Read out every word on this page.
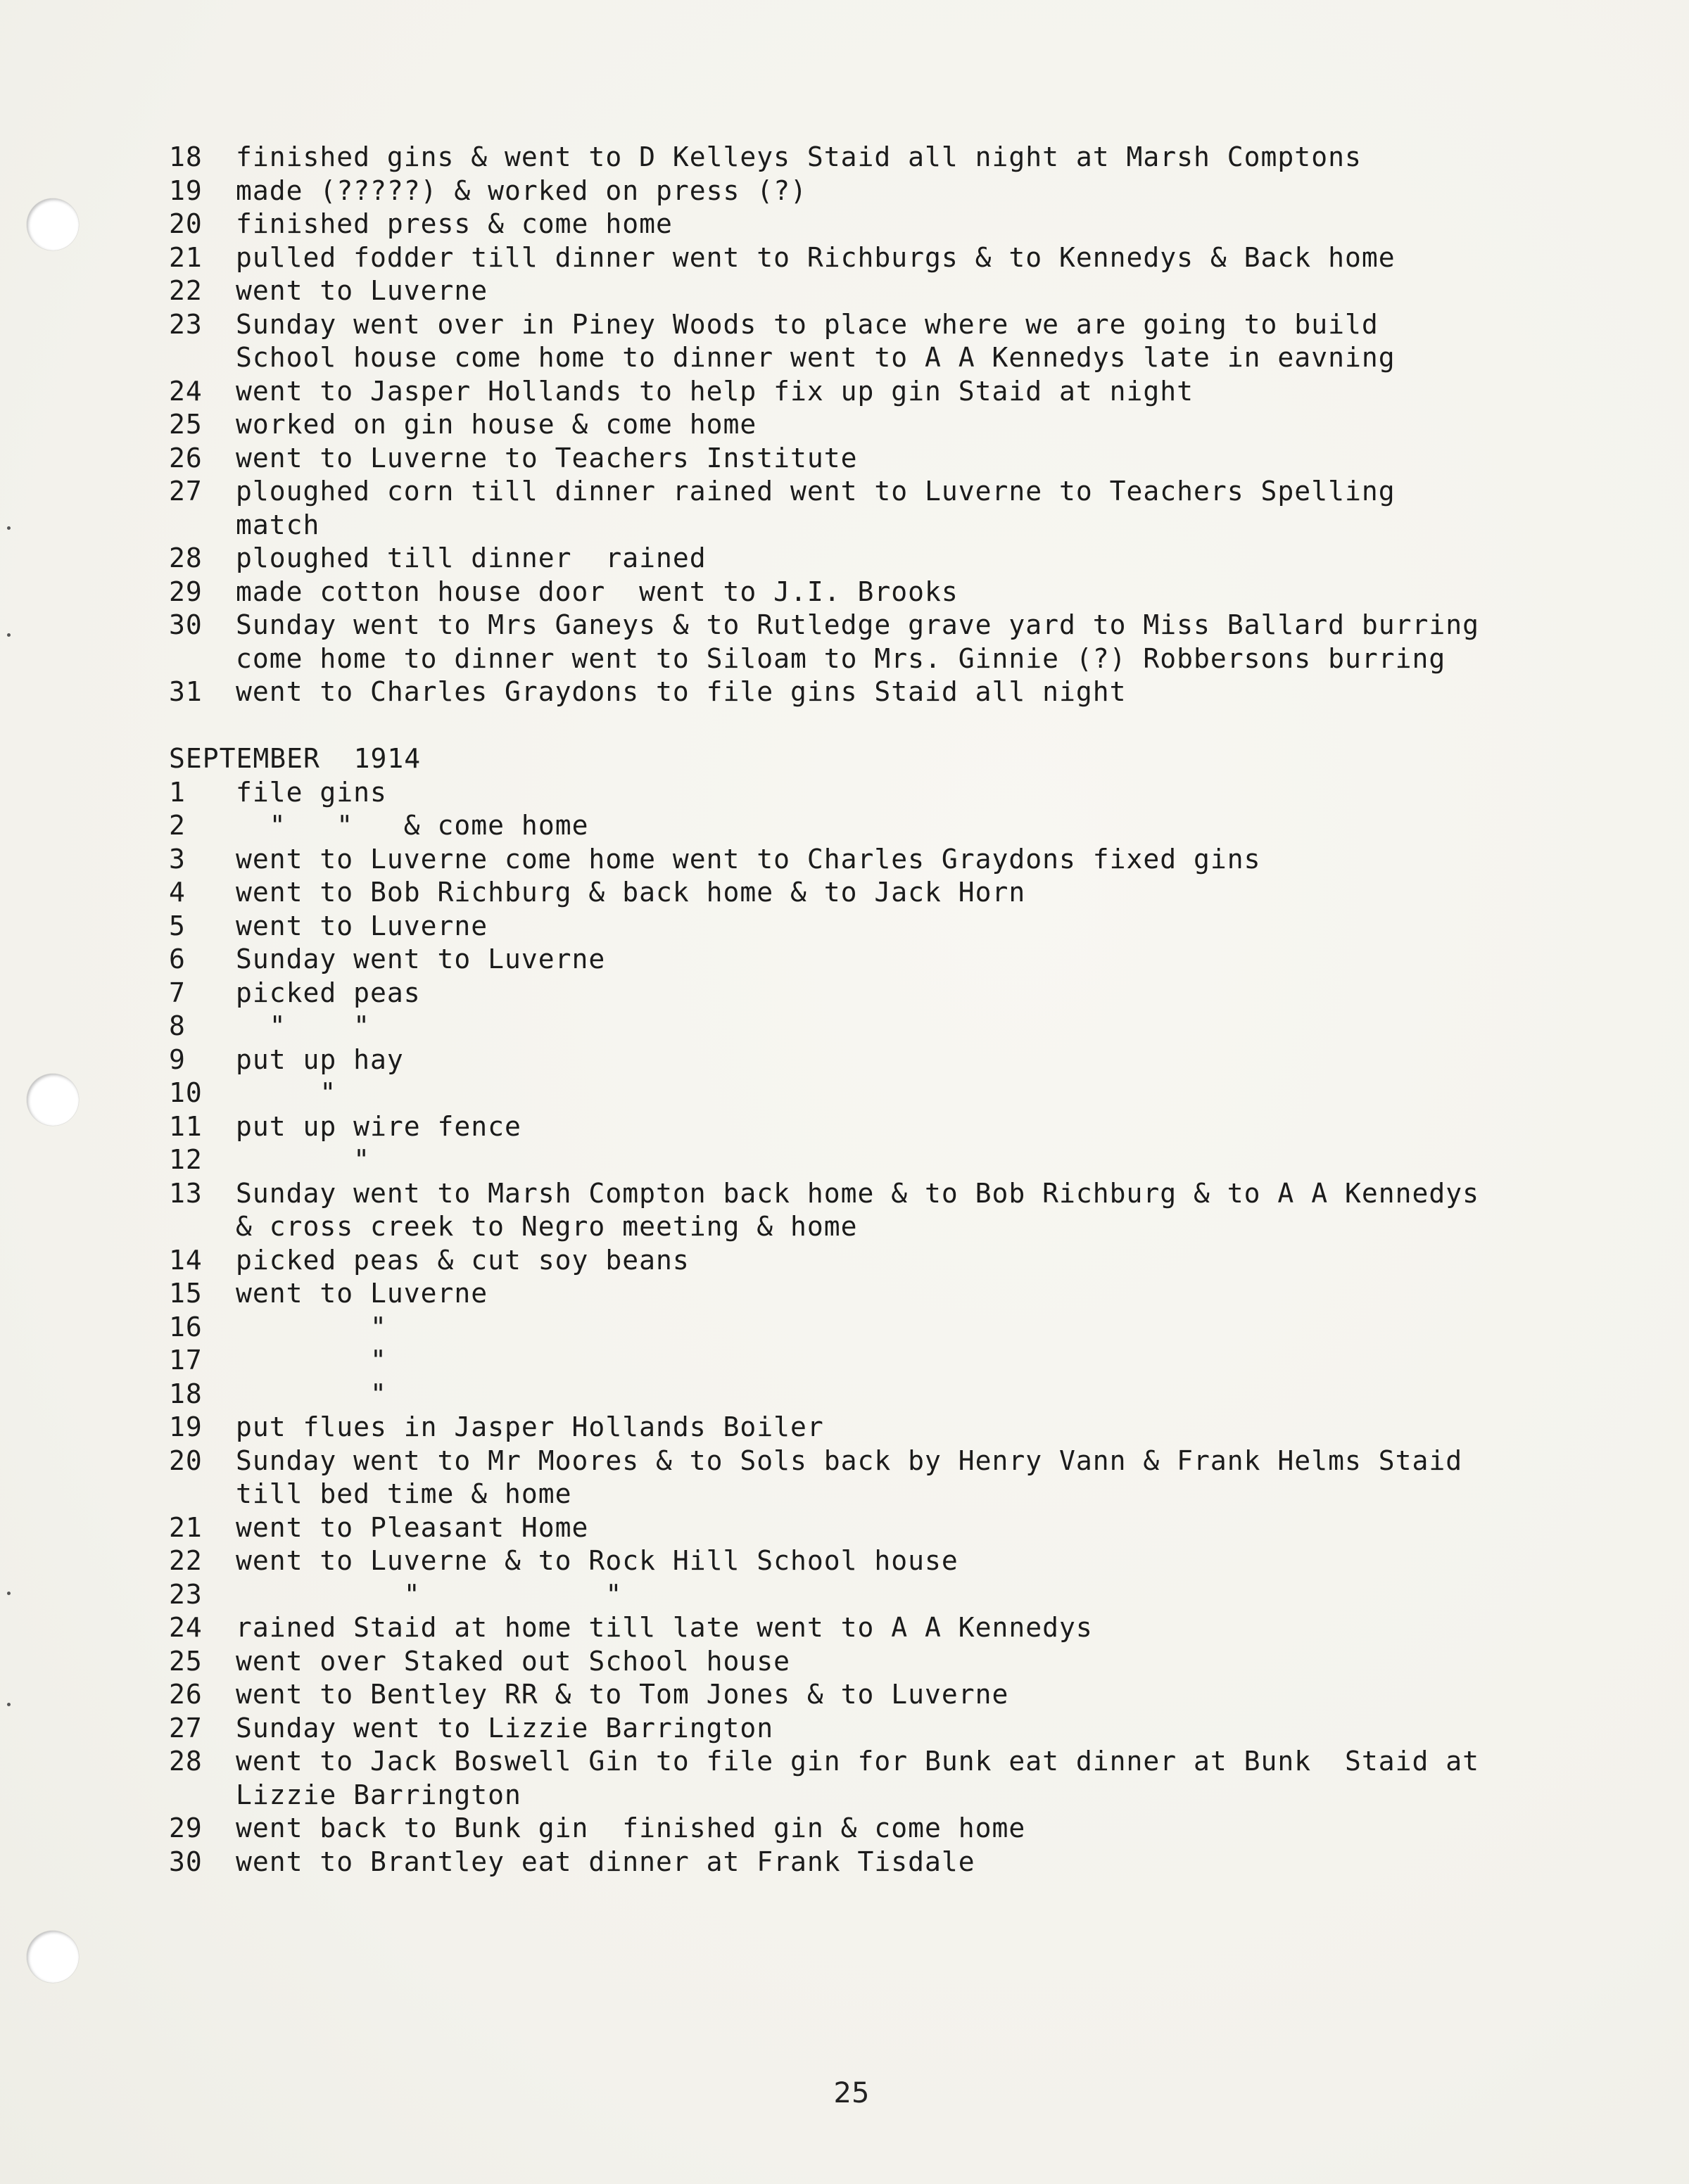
18	finished gins & went to D Kelleys Staid all night at Marsh Comptons
19	made (?????) & worked on press (?)
20	finished press & come home
21	pulled fodder till dinner went to Richburgs & to Kennedys & Back home
22	went to Luverne
23	Sunday went over in Piney Woods to place where we are going to build
School house come home to dinner went to A A Kennedys late in eavning
24	went to Jasper Hollands to help fix up gin Staid at night
25	worked on gin house & come home
26	went to Luverne to Teachers Institute
27	ploughed corn till dinner rained went to Luverne to Teachers Spelling
match
28	ploughed till dinner  rained
29	made cotton house door  went to J.I. Brooks
30	Sunday went to Mrs Ganeys & to Rutledge grave yard to Miss Ballard burring
come home to dinner went to Siloam to Mrs. Ginnie (?) Robbersons burring
31	went to Charles Graydons to file gins Staid all night
SEPTEMBER  1914
1	file gins
2	"   "   & come home
3	went to Luverne come home went to Charles Graydons fixed gins
4	went to Bob Richburg & back home & to Jack Horn
5	went to Luverne
6	Sunday went to Luverne
7	picked peas
8	"    "
9	put up hay
10	"
11	put up wire fence
12	"
13	Sunday went to Marsh Compton back home & to Bob Richburg & to A A Kennedys
& cross creek to Negro meeting & home
14	picked peas & cut soy beans
15	went to Luverne
16	"
17	"
18	"
19	put flues in Jasper Hollands Boiler
20	Sunday went to Mr Moores & to Sols back by Henry Vann & Frank Helms Staid
till bed time & home
21	went to Pleasant Home
22	went to Luverne & to Rock Hill School house
23	"           "
24	rained Staid at home till late went to A A Kennedys
25	went over Staked out School house
26	went to Bentley RR & to Tom Jones & to Luverne
27	Sunday went to Lizzie Barrington
28	went to Jack Boswell Gin to file gin for Bunk eat dinner at Bunk  Staid at
Lizzie Barrington
29	went back to Bunk gin  finished gin & come home
30	went to Brantley eat dinner at Frank Tisdale
25
